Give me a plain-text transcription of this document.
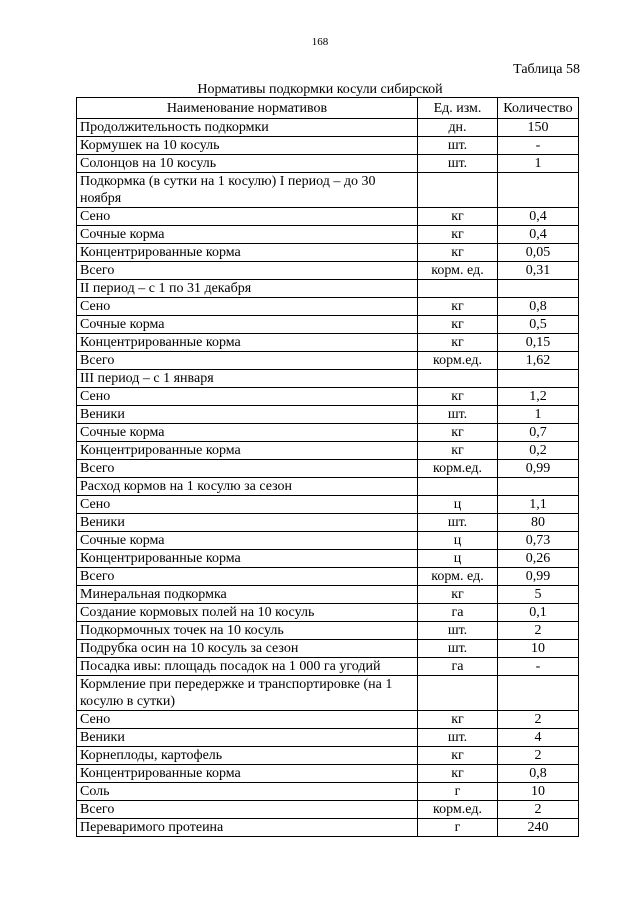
168
Таблица 58
Нормативы подкормки косули сибирской
Наименование нормативов	Ед. изм.	Количество
Продолжительность подкормки	дн.	150
Кормушек на 10 косуль	шт.	-
Солонцов на 10 косуль	шт.	1
Подкормка (в сутки на 1 косулю) I период – до 30 ноября		
Сено	кг	0,4
Сочные корма	кг	0,4
Концентрированные корма	кг	0,05
Всего	корм. ед.	0,31
II период – с 1 по 31 декабря		
Сено	кг	0,8
Сочные корма	кг	0,5
Концентрированные корма	кг	0,15
Всего	корм.ед.	1,62
III период – с 1 января		
Сено	кг	1,2
Веники	шт.	1
Сочные корма	кг	0,7
Концентрированные корма	кг	0,2
Всего	корм.ед.	0,99
Расход кормов на 1 косулю за сезон		
Сено	ц	1,1
Веники	шт.	80
Сочные корма	ц	0,73
Концентрированные корма	ц	0,26
Всего	корм. ед.	0,99
Минеральная подкормка	кг	5
Создание кормовых полей на 10 косуль	га	0,1
Подкормочных точек на 10 косуль	шт.	2
Подрубка осин на 10 косуль за сезон	шт.	10
Посадка ивы: площадь посадок на 1 000 га угодий	га	-
Кормление при передержке и транспортировке (на 1 косулю в сутки)		
Сено	кг	2
Веники	шт.	4
Корнеплоды, картофель	кг	2
Концентрированные корма	кг	0,8
Соль	г	10
Всего	корм.ед.	2
Переваримого протеина	г	240
